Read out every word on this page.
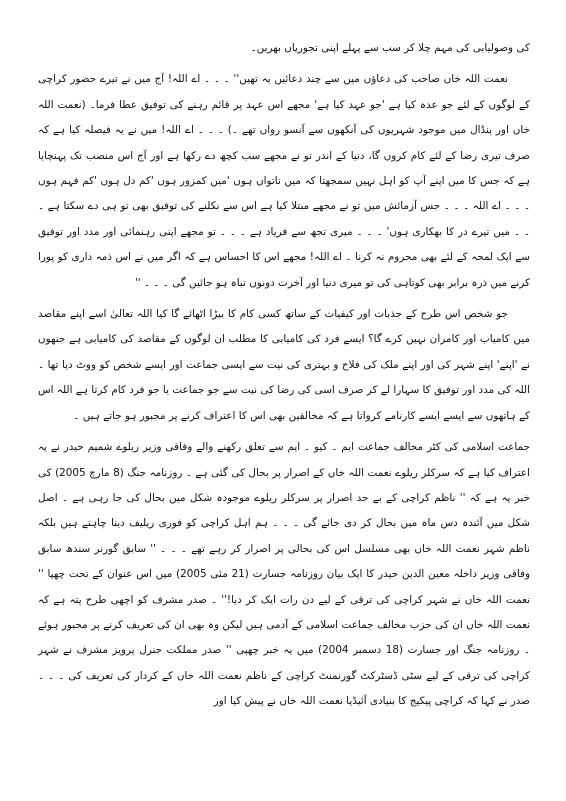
کی وصولیابی کی مہم چلا کر سب سے پہلے اپنی تجوریاں بھریں۔

نعمت اللہ خاں صاحب کی دعاؤں میں سے چند دعائیں یہ تھیں'' ۔ ۔ ۔ اے اللہ! آج میں نے تیرے حضور کراچی کے لوگوں کے لئے جو عدہ کیا ہے 'جو عہد کیا ہے' مجھے اس عہد پر قائم رہنے کی توفیق عطا فرما۔ (نعمت اللہ خاں اور پنڈال میں موجود شہریوں کی آنکھوں سے آنسو رواں تھے ۔) ۔ ۔ ۔ اے اللہ! میں نے یہ فیصلہ کیا ہے کہ صرف تیری رضا کے لئے کام کروں گا، دنیا کے اندر تو نے مجھے سب کچھ دے رکھا ہے اور آج اس منصب تک پہنچایا ہے کہ جس کا میں اپنے آپ کو اہل نہیں سمجھتا کہ میں ناتواں ہوں 'میں کمزور ہوں 'کم دل ہوں 'کم فہم ہوں ۔ ۔ ۔ اے اللہ ۔ ۔ ۔ جس آزمائش میں تو نے مجھے مبتلا کیا ہے اس سے نکلنے کی توفیق بھی تو ہی دے سکتا ہے ۔ ۔ ۔ میں تیرے در کا بھکاری ہوں' ۔ ۔ ۔ میری تجھ سے فریاد ہے ۔ ۔ ۔ تو مجھے اپنی رہنمائی اور مدد اور توفیق سے ایک لمحہ کے لئے بھی محروم نہ کرنا ۔ اے اللہ! مجھے اس کا احساس ہے کہ اگر میں نے اس ذمہ داری کو پورا کرنے میں ذرہ برابر بھی کوتاہی کی تو میری دنیا اور آخرت دونوں تباہ ہو جائیں گی ۔ ۔ ۔ ''

جو شخص اس طرح کے جذبات اور کیفیات کے ساتھ کسی کام کا بیڑا اٹھائے گا کیا اللہ تعالیٰ اسے اپنے مقاصد میں کامیاب اور کامران نہیں کرے گا؟ ایسے فرد کی کامیابی کا مطلب ان لوگوں کے مقاصد کی کامیابی ہے جنھوں نے 'اپنے' اپنے شہر کی اور اپنے ملک کی فلاح و بہتری کی نیت سے ایسی جماعت اور ایسے شخص کو ووٹ دیا تھا ۔ اللہ کی مدد اور توفیق کا سہارا لے کر صرف اسی کی رضا کی نیت سے جو جماعت یا جو فرد کام کرتا ہے اللہ اس کے ہاتھوں سے ایسے ایسے کارنامے کرواتا ہے کہ مخالفین بھی اس کا اعتراف کرنے پر مجبور ہو جاتے ہیں ۔

جماعت اسلامی کی کٹر مخالف جماعت ایم ۔ کیو ۔ ایم سے تعلق رکھنے والے وفاقی وزیر ریلوے شمیم حیدر نے یہ اعتراف کیا ہے کہ سرکلر ریلوے نعمت اللہ خاں کے اصرار پر بحال کی گئی ہے ۔ روزنامہ جنگ (8 مارچ 2005) کی خبر یہ ہے کہ '' ناظم کراچی کے بے حد اصرار پر سرکلر ریلوے موجودہ شکل میں بحال کی جا رہی ہے ۔ اصل شکل میں آئندہ دس ماہ میں بحال کر دی جائے گی ۔ ۔ ۔ ہم اہل کراچی کو فوری ریلیف دینا چاہتے ہیں بلکہ ناظم شہر نعمت اللہ خاں بھی مسلسل اس کی بحالی پر اصرار کر رہے تھے ۔ ۔ ۔ '' سابق گورنر سندھ سابق وفاقی وزیر داخلہ معین الدین حیدر کا ایک بیان روزنامہ جسارت (21 مئی 2005) میں اس عنوان کے تحت چھپا '' نعمت اللہ خاں نے شہر کراچی کی ترقی کے لیے دن رات ایک کر دیا!'' ۔ صدر مشرف کو اچھی طرح پتہ ہے کہ نعمت اللہ خاں ان کی حزب مخالف جماعت اسلامی کے آدمی ہیں لیکن وہ بھی ان کی تعریف کرنے پر مجبور ہوئے ۔ روزنامہ جنگ اور جسارت (18 دسمبر 2004) میں یہ خبر چھپی '' صدر مملکت جنرل پرویز مشرف نے شہر کراچی کی ترقی کے لیے سٹی ڈسٹرکٹ گورنمنٹ کراچی کے ناظم نعمت اللہ خاں کے کردار کی تعریف کی ۔ ۔ ۔ صدر نے کہا کہ کراچی پیکیج کا بنیادی آئیڈیا نعمت اللہ خاں نے پیش کیا اور
